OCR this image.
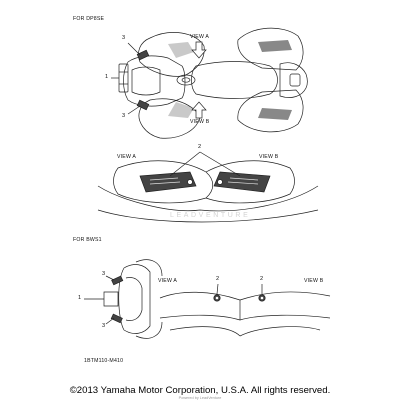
FOR DP8SE
3
1
3
VIEW A
VIEW B
2
VIEW A	VIEW B
LEADVENTURE
FOR BWS1
3
1
3
VIEW A	VIEW B
2	2
1BTM110-M410
©2013 Yamaha Motor Corporation, U.S.A. All rights reserved.
Powered by LeadVenture
